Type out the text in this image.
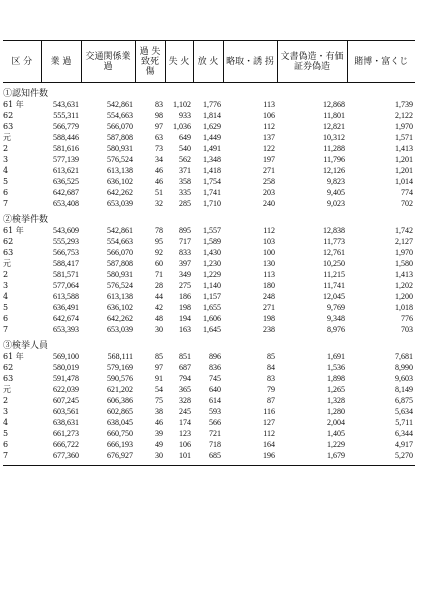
区 分	業 過	交通関係業過	過 失致死傷	失 火	放 火	略取・誘 拐	文書偽造・有価証券偽造	賭博・富くじ

①認知件数								
61 年	543,631	542,861	83	1,102	1,776	113	12,868	1,739
62	555,311	554,663	98	933	1,814	106	11,801	2,122
63	566,779	566,070	97	1,036	1,629	112	12,821	1,970
元	588,446	587,808	63	649	1,449	137	10,312	1,571
2	581,616	580,931	73	540	1,491	122	11,288	1,413
3	577,139	576,524	34	562	1,348	197	11,796	1,201
4	613,621	613,138	46	371	1,418	271	12,126	1,201
5	636,525	636,102	46	358	1,754	258	9,823	1,014
6	642,687	642,262	51	335	1,741	203	9,405	774
7	653,408	653,039	32	285	1,710	240	9,023	702

②検挙件数								
61 年	543,609	542,861	78	895	1,557	112	12,838	1,742
62	555,293	554,663	95	717	1,589	103	11,773	2,127
63	566,753	566,070	92	833	1,430	100	12,761	1,970
元	588,417	587,808	60	397	1,230	130	10,250	1,580
2	581,571	580,931	71	349	1,229	113	11,215	1,413
3	577,064	576,524	28	275	1,140	180	11,741	1,202
4	613,588	613,138	44	186	1,157	248	12,045	1,200
5	636,491	636,102	42	198	1,655	271	9,769	1,018
6	642,674	642,262	48	194	1,606	198	9,348	776
7	653,393	653,039	30	163	1,645	238	8,976	703

③検挙人員								
61 年	569,100	568,111	85	851	896	85	1,691	7,681
62	580,019	579,169	97	687	836	84	1,536	8,990
63	591,478	590,576	91	794	745	83	1,898	9,603
元	622,039	621,202	54	365	640	79	1,265	8,149
2	607,245	606,386	75	328	614	87	1,328	6,875
3	603,561	602,865	38	245	593	116	1,280	5,634
4	638,631	638,045	46	174	566	127	2,004	5,711
5	661,273	660,750	39	123	721	112	1,405	6,344
6	666,722	666,193	49	106	718	164	1,229	4,917
7	677,360	676,927	30	101	685	196	1,679	5,270
